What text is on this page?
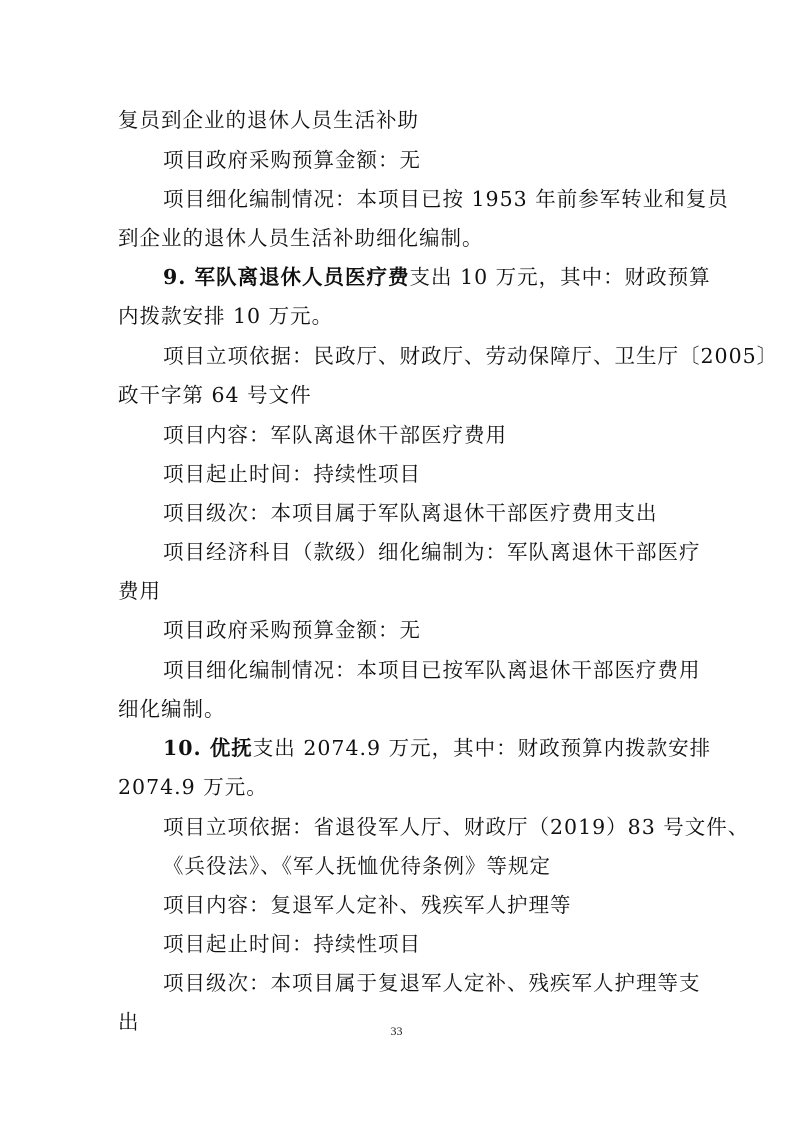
复员到企业的退休人员生活补助
项目政府采购预算金额：无
项目细化编制情况：本项目已按 1953 年前参军转业和复员
到企业的退休人员生活补助细化编制。
9. 军队离退休人员医疗费支出 10 万元，其中：财政预算
内拨款安排 10 万元。
项目立项依据：民政厅、财政厅、劳动保障厅、卫生厅〔2005〕
政干字第 64 号文件
项目内容：军队离退休干部医疗费用
项目起止时间：持续性项目
项目级次：本项目属于军队离退休干部医疗费用支出
项目经济科目（款级）细化编制为：军队离退休干部医疗
费用
项目政府采购预算金额：无
项目细化编制情况：本项目已按军队离退休干部医疗费用
细化编制。
10. 优抚支出 2074.9 万元，其中：财政预算内拨款安排
2074.9 万元。
项目立项依据：省退役军人厅、财政厅（2019）83 号文件、
《兵役法》、《军人抚恤优待条例》等规定
项目内容：复退军人定补、残疾军人护理等
项目起止时间：持续性项目
项目级次：本项目属于复退军人定补、残疾军人护理等支
出	33
